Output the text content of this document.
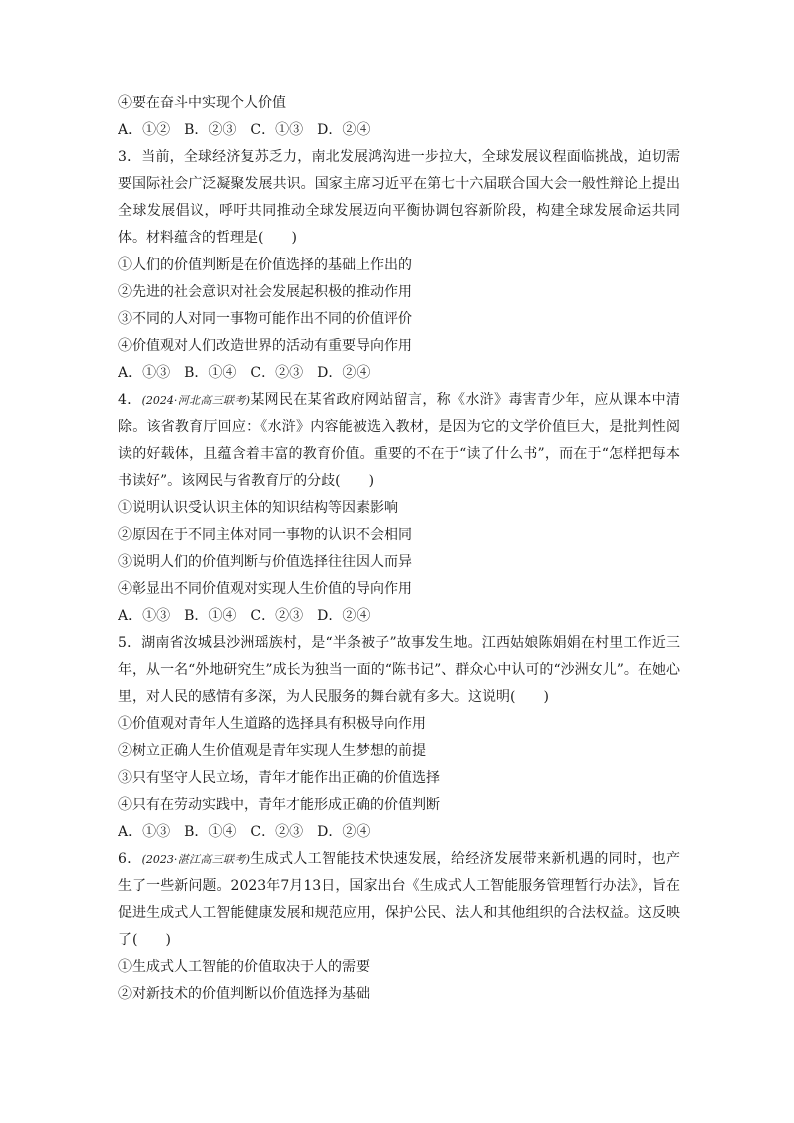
④要在奋斗中实现个人价值
A．①②　B．②③　C．①③　D．②④
3．当前，全球经济复苏乏力，南北发展鸿沟进一步拉大，全球发展议程面临挑战，迫切需要国际社会广泛凝聚发展共识。国家主席习近平在第七十六届联合国大会一般性辩论上提出全球发展倡议，呼吁共同推动全球发展迈向平衡协调包容新阶段，构建全球发展命运共同体。材料蕴含的哲理是(　　)
①人们的价值判断是在价值选择的基础上作出的
②先进的社会意识对社会发展起积极的推动作用
③不同的人对同一事物可能作出不同的价值评价
④价值观对人们改造世界的活动有重要导向作用
A．①③　B．①④　C．②③　D．②④
4．(2024·河北高三联考)某网民在某省政府网站留言，称《水浒》毒害青少年，应从课本中清除。该省教育厅回应：《水浒》内容能被选入教材，是因为它的文学价值巨大，是批判性阅读的好载体，且蕴含着丰富的教育价值。重要的不在于“读了什么书”，而在于“怎样把每本书读好”。该网民与省教育厅的分歧(　　)
①说明认识受认识主体的知识结构等因素影响
②原因在于不同主体对同一事物的认识不会相同
③说明人们的价值判断与价值选择往往因人而异
④彰显出不同价值观对实现人生价值的导向作用
A．①③　B．①④　C．②③　D．②④
5．湖南省汝城县沙洲瑶族村，是“半条被子”故事发生地。江西姑娘陈娟娟在村里工作近三年，从一名“外地研究生”成长为独当一面的“陈书记”、群众心中认可的“沙洲女儿”。在她心里，对人民的感情有多深，为人民服务的舞台就有多大。这说明(　　)
①价值观对青年人生道路的选择具有积极导向作用
②树立正确人生价值观是青年实现人生梦想的前提
③只有坚守人民立场，青年才能作出正确的价值选择
④只有在劳动实践中，青年才能形成正确的价值判断
A．①③　B．①④　C．②③　D．②④
6．(2023·湛江高三联考)生成式人工智能技术快速发展，给经济发展带来新机遇的同时，也产生了一些新问题。2023年7月13日，国家出台《生成式人工智能服务管理暂行办法》，旨在促进生成式人工智能健康发展和规范应用，保护公民、法人和其他组织的合法权益。这反映了(　　)
①生成式人工智能的价值取决于人的需要
②对新技术的价值判断以价值选择为基础
